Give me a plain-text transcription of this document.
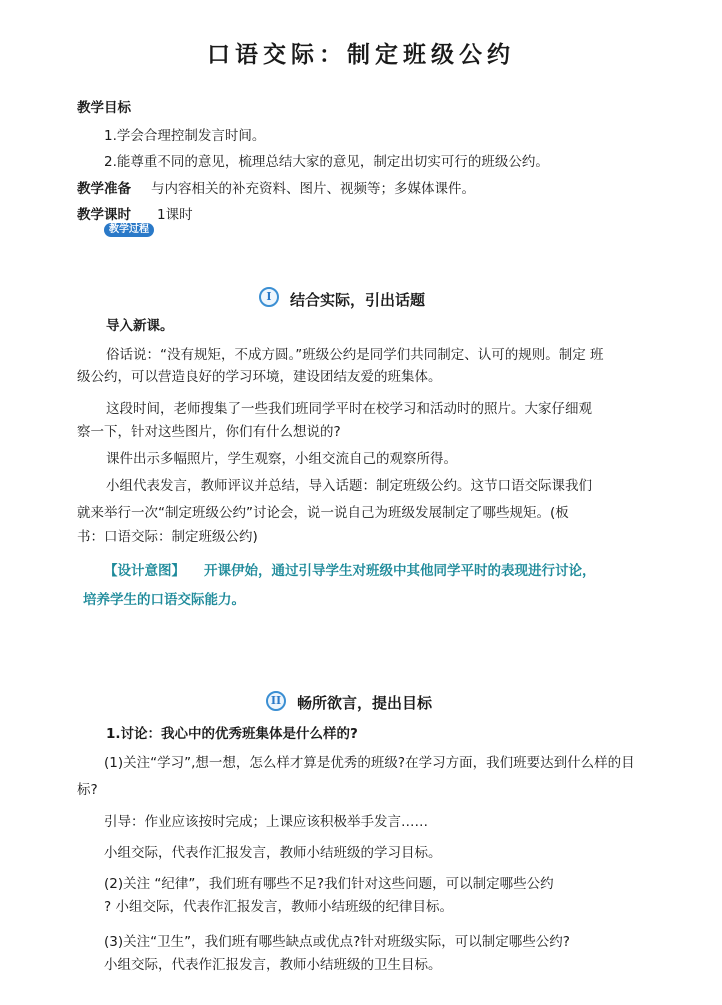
口语交际：制定班级公约
教学目标
1.学会合理控制发言时间。
2.能尊重不同的意见，梳理总结大家的意见，制定出切实可行的班级公约。
教学准备 与内容相关的补充资料、图片、视频等；多媒体课件。
教学课时 1课时
教学过程
I	结合实际，引出话题
导入新课。
俗话说：“没有规矩，不成方圆。”班级公约是同学们共同制定、认可的规则。制定 班
级公约，可以营造良好的学习环境，建设团结友爱的班集体。
这段时间，老师搜集了一些我们班同学平时在校学习和活动时的照片。大家仔细观
察一下，针对这些图片，你们有什么想说的?
课件出示多幅照片，学生观察，小组交流自己的观察所得。
小组代表发言，教师评议并总结，导入话题：制定班级公约。这节口语交际课我们
就来举行一次“制定班级公约”讨论会，说一说自己为班级发展制定了哪些规矩。(板
书：口语交际：制定班级公约)
【设计意图】 开课伊始，通过引导学生对班级中其他同学平时的表现进行讨论，
培养学生的口语交际能力。
II	畅所欲言，提出目标
1.讨论：我心中的优秀班集体是什么样的?
(1)关注“学习”,想一想，怎么样才算是优秀的班级?在学习方面，我们班要达到什么样的目
标?
引导：作业应该按时完成；上课应该积极举手发言……
小组交际，代表作汇报发言，教师小结班级的学习目标。
(2)关注 “纪律”，我们班有哪些不足?我们针对这些问题，可以制定哪些公约
? 小组交际，代表作汇报发言，教师小结班级的纪律目标。
(3)关注“卫生”，我们班有哪些缺点或优点?针对班级实际，可以制定哪些公约?
小组交际，代表作汇报发言，教师小结班级的卫生目标。
